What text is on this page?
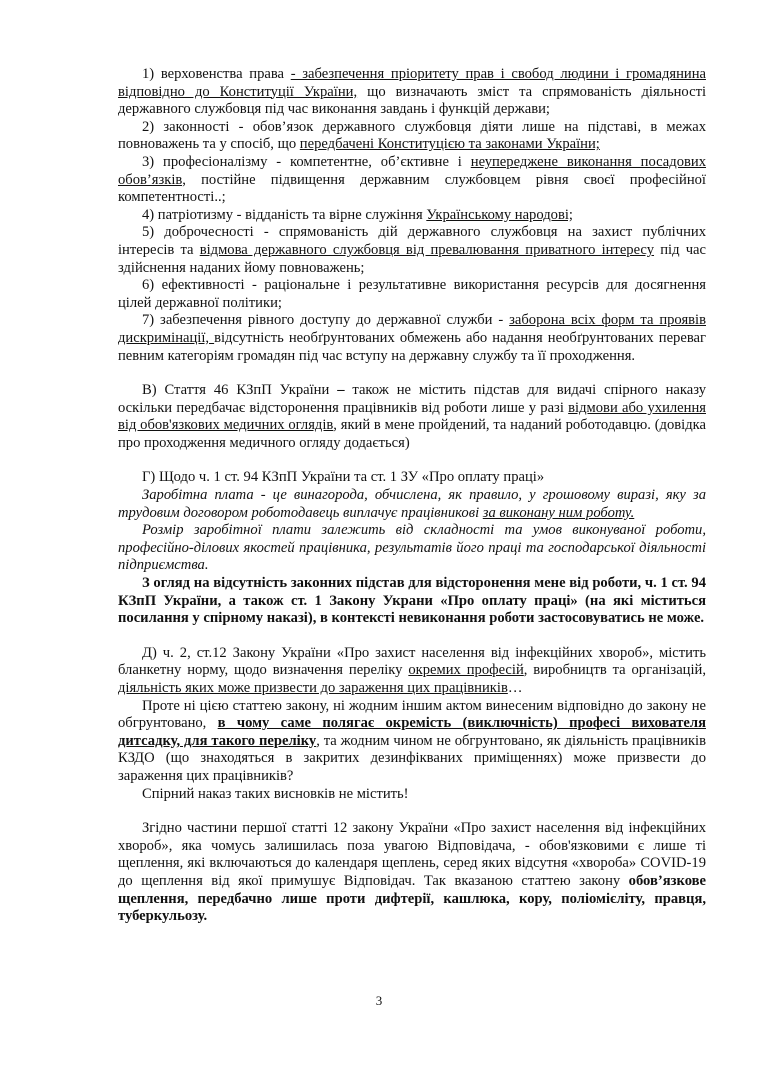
1) верховенства права - забезпечення пріоритету прав і свобод людини і громадянина відповідно до Конституції України, що визначають зміст та спрямованість діяльності державного службовця під час виконання завдань і функцій держави;

2) законності - обов’язок державного службовця діяти лише на підставі, в межах повноважень та у спосіб, що передбачені Конституцією та законами України;

3) професіоналізму - компетентне, об’єктивне і неупереджене виконання посадових обов’язків, постійне підвищення державним службовцем рівня своєї професійної компетентності..;

4) патріотизму - відданість та вірне служіння Українському народові;

5) доброчесності - спрямованість дій державного службовця на захист публічних інтересів та відмова державного службовця від превалювання приватного інтересу під час здійснення наданих йому повноважень;

6) ефективності - раціональне і результативне використання ресурсів для досягнення цілей державної політики;

7) забезпечення рівного доступу до державної служби - заборона всіх форм та проявів дискримінації, відсутність необґрунтованих обмежень або надання необґрунтованих переваг певним категоріям громадян під час вступу на державну службу та її проходження.

В) Стаття 46 КЗпП України – також не містить підстав для видачі спірного наказу оскільки передбачає відсторонення працівників від роботи лише у разі відмови або ухилення від обов'язкових медичних оглядів, який в мене пройдений, та наданий роботодавцю. (довідка про проходження медичного огляду додається)

Г) Щодо ч. 1 ст. 94 КЗпП України та ст. 1 ЗУ «Про оплату праці»

Заробітна плата - це винагорода, обчислена, як правило, у грошовому виразі, яку за трудовим договором роботодавець виплачує працівникові за виконану ним роботу.

Розмір заробітної плати залежить від складності та умов виконуваної роботи, професійно-ділових якостей працівника, результатів його праці та господарської діяльності підприємства.

З огляд на відсутність законних підстав для відсторонення мене від роботи, ч. 1 ст. 94 КЗпП України, а також ст. 1 Закону Украни «Про оплату праці» (на які міститься посилання у спірному наказі), в контексті невиконання роботи застосовуватись не може.

Д) ч. 2, ст.12 Закону України «Про захист населення від інфекційних хвороб», містить бланкетну норму, щодо визначення переліку окремих професій, виробництв та організацій, діяльність яких може призвести до зараження цих працівників…

Проте ні цією статтею закону, ні жодним іншим актом винесеним відповідно до закону не обгрунтовано, в чому саме полягає окремість (виключність) професі вихователя дитсадку, для такого переліку, та жодним чином не обгрунтовано, як діяльність працівників КЗДО (що знаходяться в закритих дезинфікваних приміщеннях) може призвести до зараження цих працівників?

Спірний наказ таких висновків не містить!

Згідно частини першої статті 12 закону України «Про захист населення від інфекційних хвороб», яка чомусь залишилась поза увагою Відповідача, - обов'язковими є лише ті щеплення, які включаються до календаря щеплень, серед яких відсутня «хвороба» COVID-19 до щеплення від якої примушує Відповідач. Так вказаною статтею закону обов’язкове щеплення, передбачно лише проти дифтерії, кашлюка, кору, поліомієліту, правця, туберкульозу.

3
